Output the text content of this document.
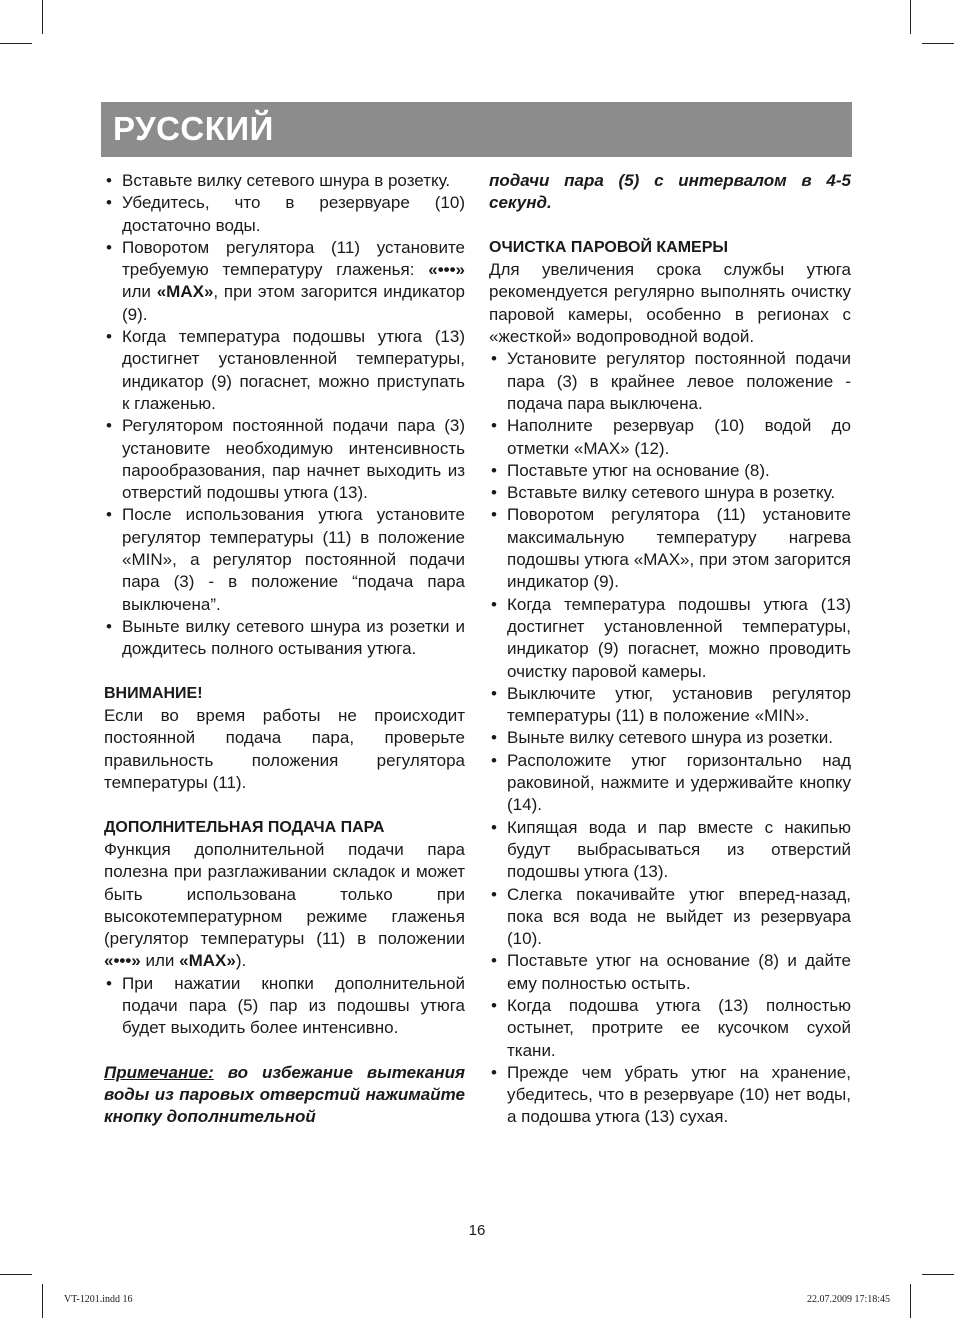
РУССКИЙ
• Вставьте вилку сетевого шнура в розетку.
• Убедитесь, что в резервуаре (10) достаточно воды.
• Поворотом регулятора (11) установите требуемую температуру глаженья: «•••» или «MAX», при этом загорится индикатор (9).
• Когда температура подошвы утюга (13) достигнет установленной температуры, индикатор (9) погаснет, можно приступать к глаженью.
• Регулятором постоянной подачи пара (3) установите необходимую интенсивность парообразования, пар начнет выходить из отверстий подошвы утюга (13).
• После использования утюга установите регулятор температуры (11) в положение «MIN», а регулятор постоянной подачи пара (3) - в положение “подача пара выключена”.
• Выньте вилку сетевого шнура из розетки и дождитесь полного остывания утюга.

ВНИМАНИЕ!

Если во время работы не происходит постоянной подача пара, проверьте правильность положения регулятора температуры (11).

ДОПОЛНИТЕЛЬНАЯ ПОДАЧА ПАРА

Функция дополнительной подачи пара полезна при разглаживании складок и может быть использована только при высокотемпературном режиме глаженья (регулятор температуры (11) в положении «•••» или «MAX»).

• При нажатии кнопки дополнительной подачи пара (5) пар из подошвы утюга будет выходить более интенсивно.

Примечание: во избежание вытекания воды из паровых отверстий нажимайте кнопку дополнительной

подачи пара (5) с интервалом в 4-5 секунд.

ОЧИСТКА ПАРОВОЙ КАМЕРЫ

Для увеличения срока службы утюга рекомендуется регулярно выполнять очистку паровой камеры, особенно в регионах с «жесткой» водопроводной водой.

• Установите регулятор постоянной подачи пара (3) в крайнее левое положение - подача пара выключена.
• Наполните резервуар (10) водой до отметки «MAX» (12).
• Поставьте утюг на основание (8).
• Вставьте вилку сетевого шнура в розетку.
• Поворотом регулятора (11) установите максимальную температуру нагрева подошвы утюга «MAX», при этом загорится индикатор (9).
• Когда температура подошвы утюга (13) достигнет установленной температуры, индикатор (9) погаснет, можно проводить очистку паровой камеры.
• Выключите утюг, установив регулятор температуры (11) в положение «MIN».
• Выньте вилку сетевого шнура из розетки.
• Расположите утюг горизонтально над раковиной, нажмите и удерживайте кнопку (14).
• Кипящая вода и пар вместе с накипью будут выбрасываться из отверстий подошвы утюга (13).
• Слегка покачивайте утюг вперед-назад, пока вся вода не выйдет из резервуара (10).
• Поставьте утюг на основание (8) и дайте ему полностью остыть.
• Когда подошва утюга (13) полностью остынет, протрите ее кусочком сухой ткани.
• Прежде чем убрать утюг на хранение, убедитесь, что в резервуаре (10) нет воды, а подошва утюга (13) сухая.
16
VT-1201.indd 16	22.07.2009 17:18:45
